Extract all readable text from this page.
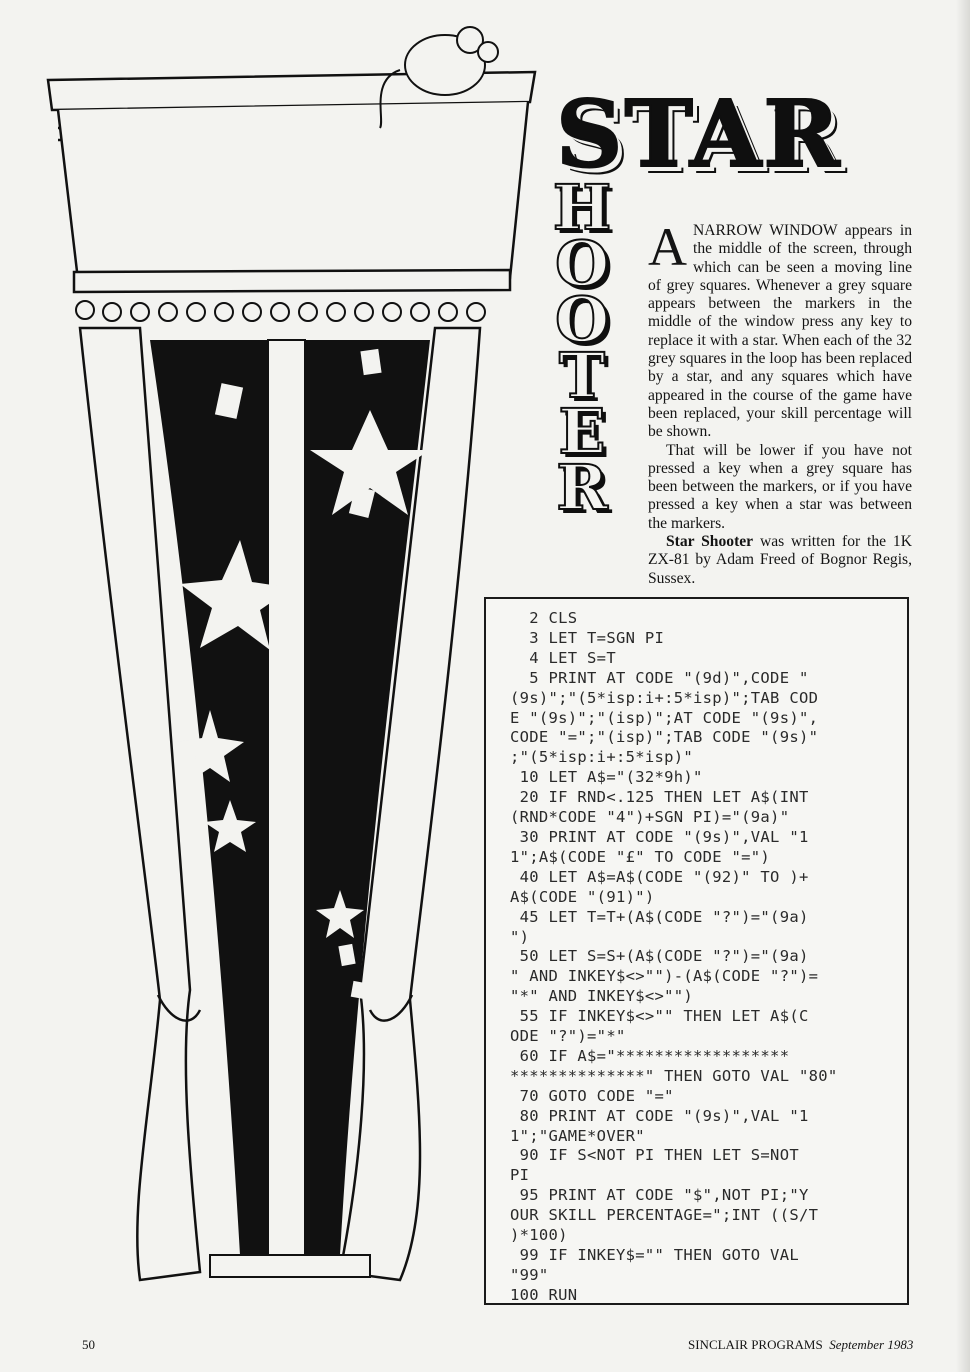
STAR
H
O
O
T
E
R

ANARROW WINDOW appears in the middle of the screen, through which can be seen a moving line of grey squares. Whenever a grey square appears between the markers in the middle of the window press any key to replace it with a star. When each of the 32 grey squares in the loop has been replaced by a star, and any squares which have appeared in the course of the game have been replaced, your skill percentage will be shown.

That will be lower if you have not pressed a key when a grey square has been between the markers, or if you have pressed a key when a star was between the markers.

Star Shooter was written for the 1K ZX-81 by Adam Freed of Bognor Regis, Sussex.

2 CLS
3 LET T=SGN PI
4 LET S=T
5 PRINT AT CODE "(9d)",CODE "
(9s)";"(5*isp:i+:5*isp)";TAB COD
E "(9s)";"(isp)";AT CODE "(9s)",
CODE "=";"(isp)";TAB CODE "(9s)"
;"(5*isp:i+:5*isp)"
10 LET A$="(32*9h)"
20 IF RND<.125 THEN LET A$(INT
(RND*CODE "4")+SGN PI)="(9a)"
30 PRINT AT CODE "(9s)",VAL "1
1";A$(CODE "£" TO CODE "=")
40 LET A$=A$(CODE "(92)" TO )+
A$(CODE "(91)")
45 LET T=T+(A$(CODE "?")="(9a)
")
50 LET S=S+(A$(CODE "?")="(9a)
" AND INKEY$<>"")-(A$(CODE "?")=
"*" AND INKEY$<>"")
55 IF INKEY$<>"" THEN LET A$(C
ODE "?")="*"
60 IF A$="******************
**************" THEN GOTO VAL "80"
70 GOTO CODE "="
80 PRINT AT CODE "(9s)",VAL "1
1";"GAME*OVER"
90 IF S<NOT PI THEN LET S=NOT
PI
95 PRINT AT CODE "$",NOT PI;"Y
OUR SKILL PERCENTAGE=";INT ((S/T
)*100)
99 IF INKEY$="" THEN GOTO VAL
"99"
100 RUN
50	SINCLAIR PROGRAMS September 1983
